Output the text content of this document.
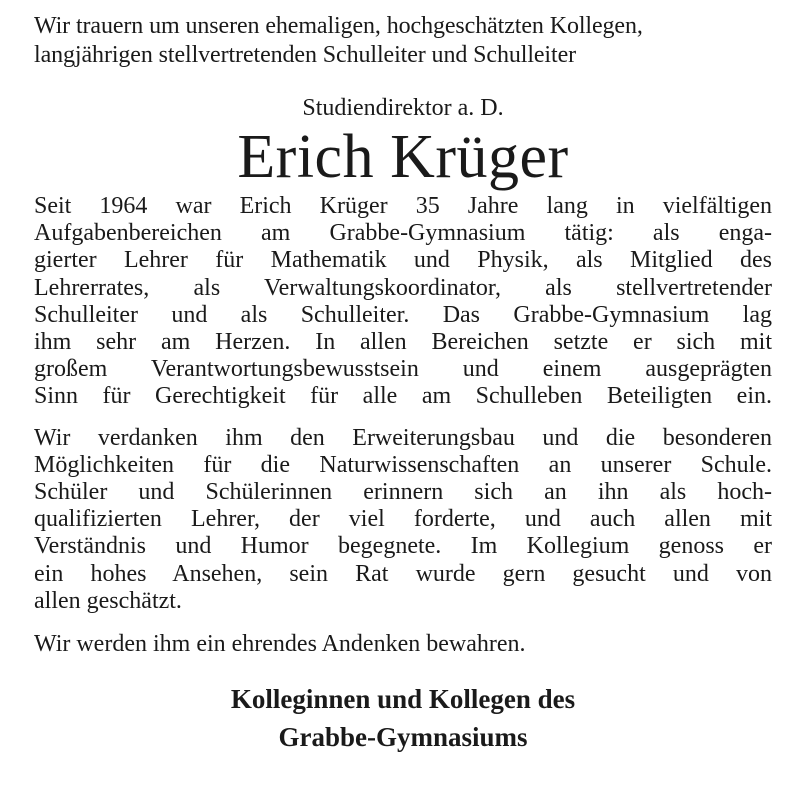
Wir trauern um unseren ehemaligen, hochgeschätzten Kollegen,
langjährigen stellvertretenden Schulleiter und Schulleiter
Studiendirektor a. D.
Erich Krüger
Seit 1964 war Erich Krüger 35 Jahre lang in vielfältigen
Aufgabenbereichen am Grabbe-Gymnasium tätig: als enga-
gierter Lehrer für Mathematik und Physik, als Mitglied des
Lehrerrates, als Verwaltungskoordinator, als stellvertretender
Schulleiter und als Schulleiter. Das Grabbe-Gymnasium lag
ihm sehr am Herzen. In allen Bereichen setzte er sich mit
großem Verantwortungsbewusstsein und einem ausgeprägten
Sinn für Gerechtigkeit für alle am Schulleben Beteiligten ein.
Wir verdanken ihm den Erweiterungsbau und die besonderen
Möglichkeiten für die Naturwissenschaften an unserer Schule.
Schüler und Schülerinnen erinnern sich an ihn als hoch-
qualifizierten Lehrer, der viel forderte, und auch allen mit
Verständnis und Humor begegnete. Im Kollegium genoss er
ein hohes Ansehen, sein Rat wurde gern gesucht und von
allen geschätzt.
Wir werden ihm ein ehrendes Andenken bewahren.
Kolleginnen und Kollegen des
Grabbe-Gymnasiums
